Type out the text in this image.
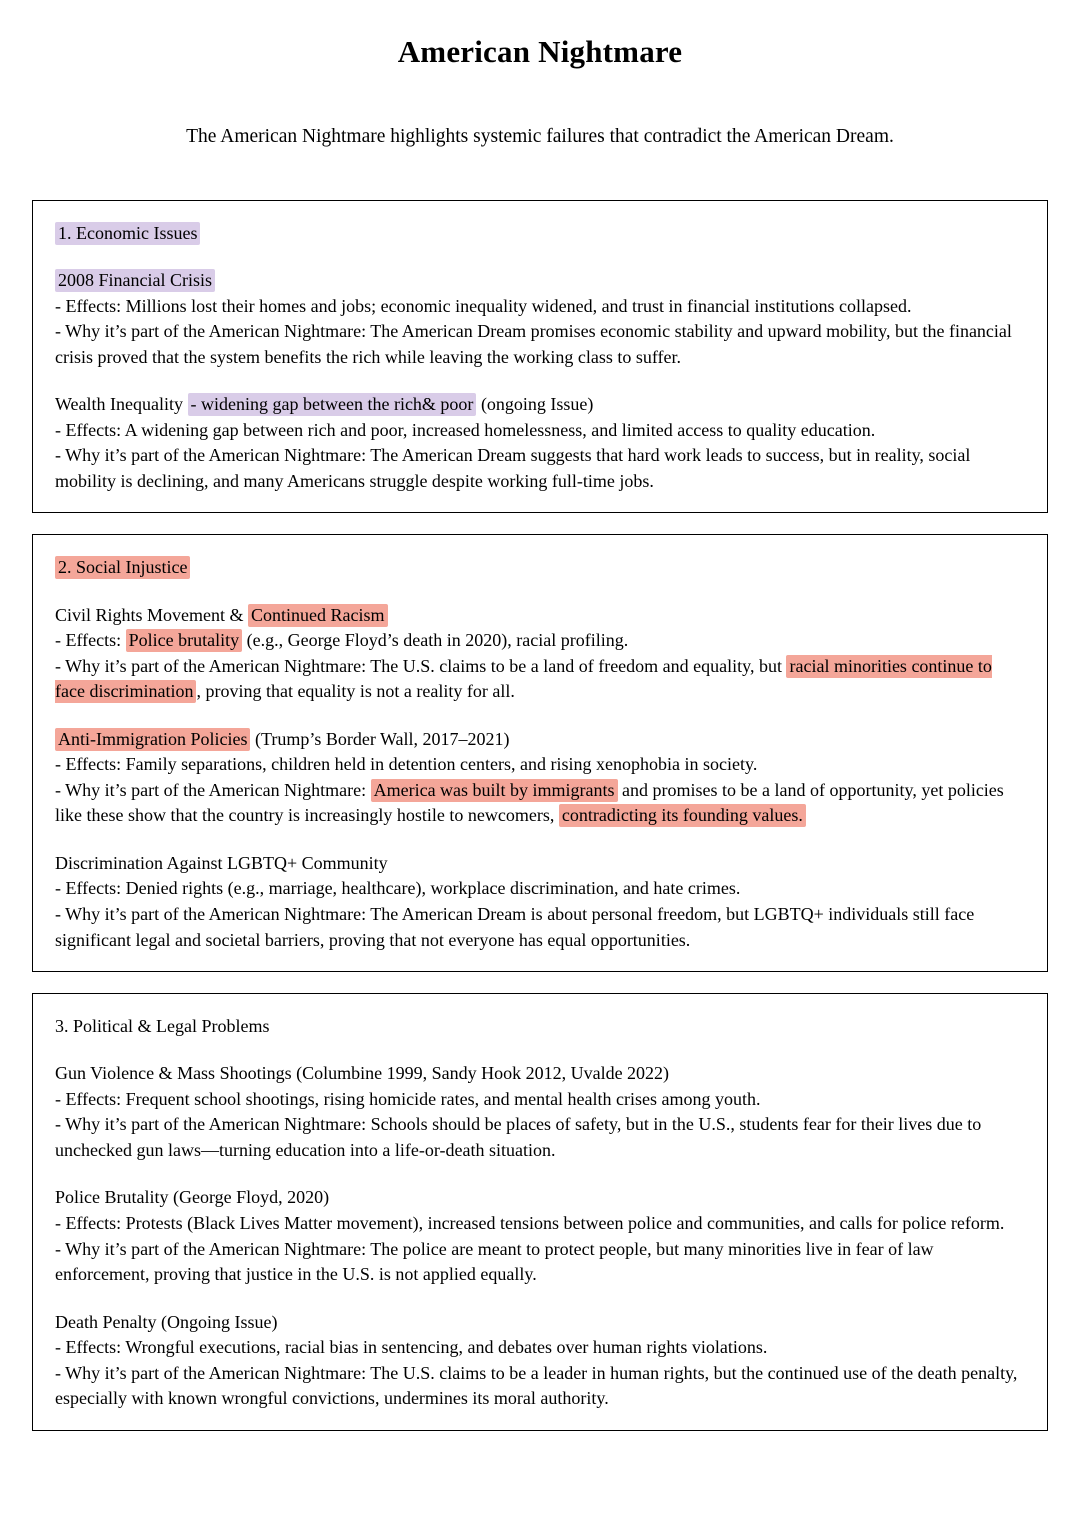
American Nightmare

The American Nightmare highlights systemic failures that contradict the American Dream.

1. Economic Issues

2008 Financial Crisis

- Effects: Millions lost their homes and jobs; economic inequality widened, and trust in financial institutions collapsed.

- Why it’s part of the American Nightmare: The American Dream promises economic stability and upward mobility, but the financial crisis proved that the system benefits the rich while leaving the working class to suffer.

Wealth Inequality - widening gap between the rich& poor (ongoing Issue)

- Effects: A widening gap between rich and poor, increased homelessness, and limited access to quality education.

- Why it’s part of the American Nightmare: The American Dream suggests that hard work leads to success, but in reality, social mobility is declining, and many Americans struggle despite working full-time jobs.

2. Social Injustice

Civil Rights Movement & Continued Racism

- Effects: Police brutality (e.g., George Floyd’s death in 2020), racial profiling.

- Why it’s part of the American Nightmare: The U.S. claims to be a land of freedom and equality, but racial minorities continue to face discrimination , proving that equality is not a reality for all.

Anti-Immigration Policies (Trump’s Border Wall, 2017–2021)

- Effects: Family separations, children held in detention centers, and rising xenophobia in society.

- Why it’s part of the American Nightmare: America was built by immigrants and promises to be a land of opportunity, yet policies like these show that the country is increasingly hostile to newcomers, contradicting its founding values.

Discrimination Against LGBTQ+ Community

- Effects: Denied rights (e.g., marriage, healthcare), workplace discrimination, and hate crimes.

- Why it’s part of the American Nightmare: The American Dream is about personal freedom, but LGBTQ+ individuals still face significant legal and societal barriers, proving that not everyone has equal opportunities.

3. Political & Legal Problems

Gun Violence & Mass Shootings (Columbine 1999, Sandy Hook 2012, Uvalde 2022)

- Effects: Frequent school shootings, rising homicide rates, and mental health crises among youth.

- Why it’s part of the American Nightmare: Schools should be places of safety, but in the U.S., students fear for their lives due to unchecked gun laws—turning education into a life-or-death situation.

Police Brutality (George Floyd, 2020)

- Effects: Protests (Black Lives Matter movement), increased tensions between police and communities, and calls for police reform.

- Why it’s part of the American Nightmare: The police are meant to protect people, but many minorities live in fear of law enforcement, proving that justice in the U.S. is not applied equally.

Death Penalty (Ongoing Issue)

- Effects: Wrongful executions, racial bias in sentencing, and debates over human rights violations.

- Why it’s part of the American Nightmare: The U.S. claims to be a leader in human rights, but the continued use of the death penalty, especially with known wrongful convictions, undermines its moral authority.
